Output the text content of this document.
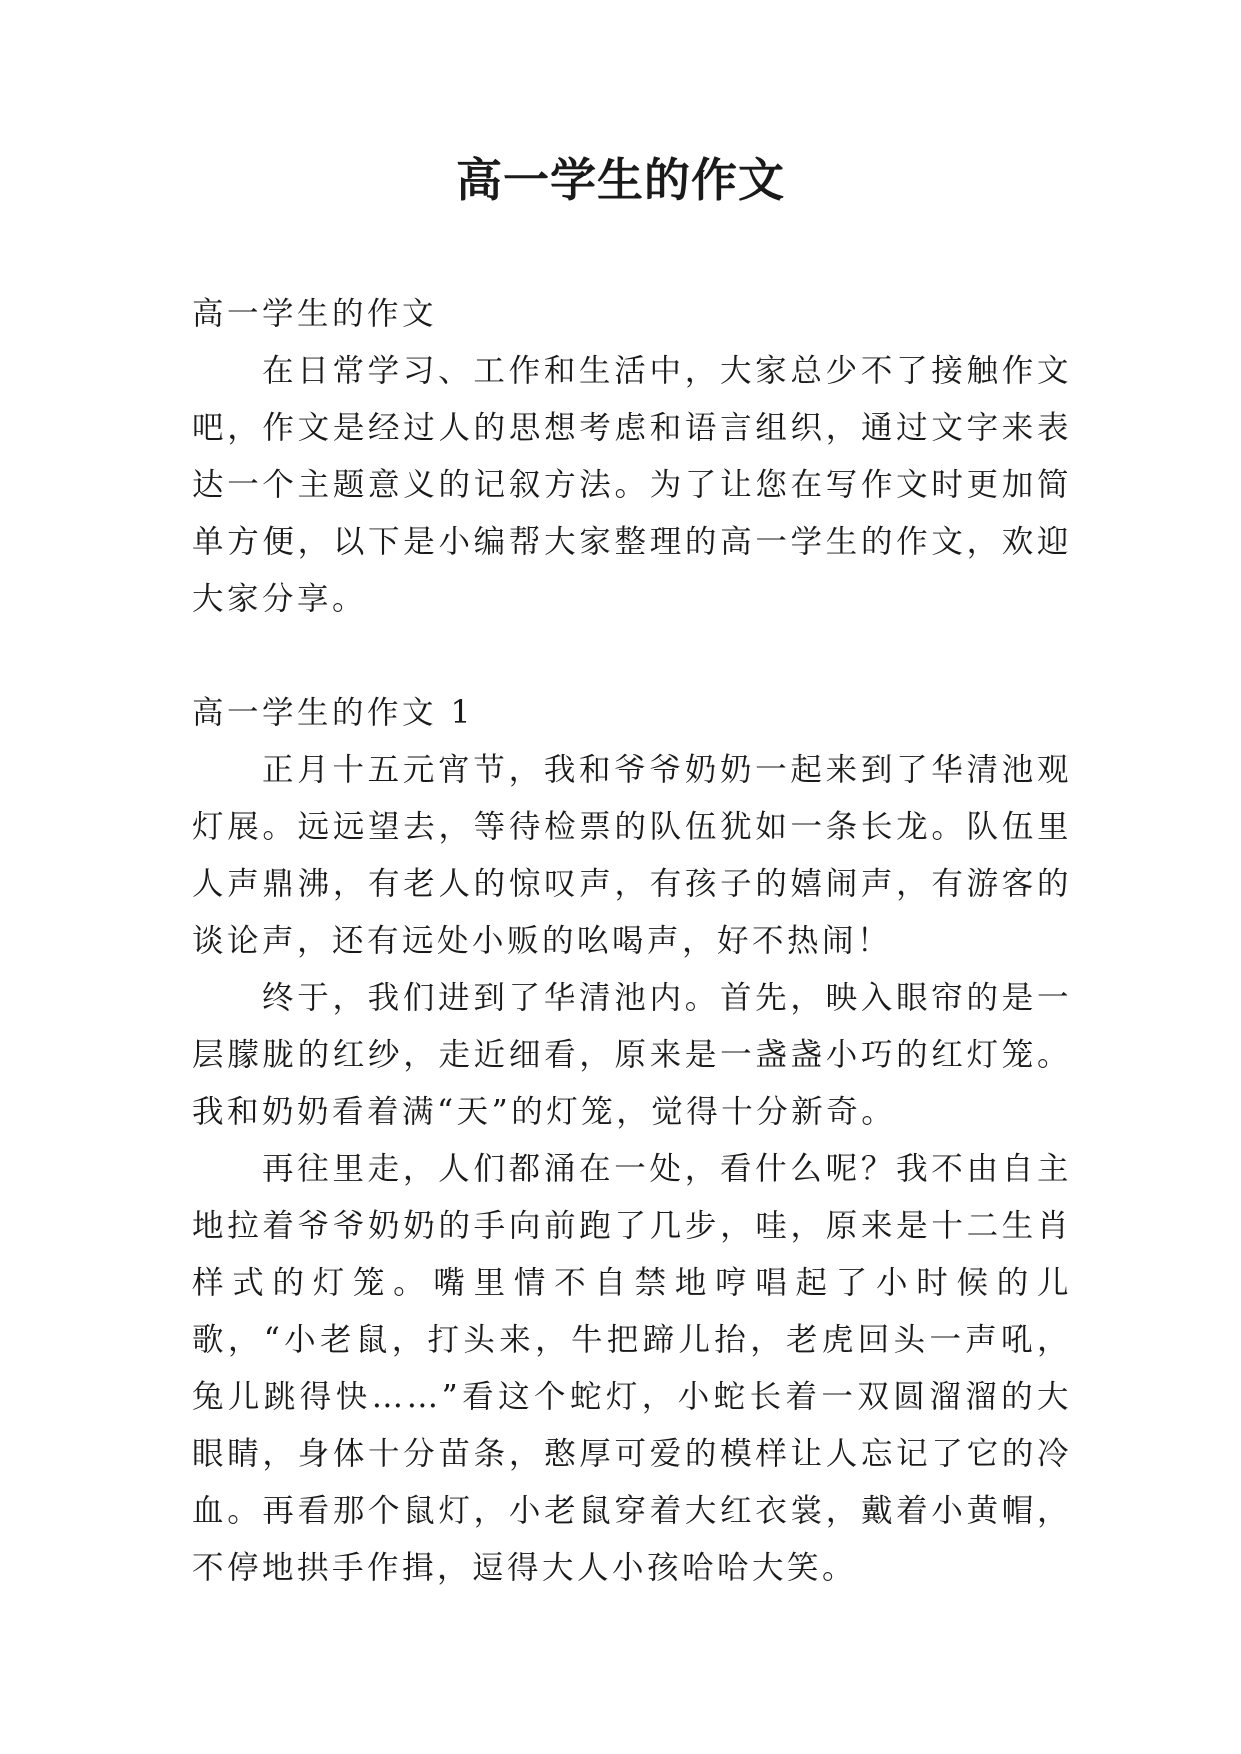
高一学生的作文

高一学生的作文

在日常学习、工作和生活中，大家总少不了接触作文吧，作文是经过人的思想考虑和语言组织，通过文字来表达一个主题意义的记叙方法。为了让您在写作文时更加简单方便，以下是小编帮大家整理的高一学生的作文，欢迎大家分享。

高一学生的作文 1

正月十五元宵节，我和爷爷奶奶一起来到了华清池观灯展。远远望去，等待检票的队伍犹如一条长龙。队伍里人声鼎沸，有老人的惊叹声，有孩子的嬉闹声，有游客的谈论声，还有远处小贩的吆喝声，好不热闹！

终于，我们进到了华清池内。首先，映入眼帘的是一层朦胧的红纱，走近细看，原来是一盏盏小巧的红灯笼。我和奶奶看着满“天”的灯笼，觉得十分新奇。

再往里走，人们都涌在一处，看什么呢？我不由自主地拉着爷爷奶奶的手向前跑了几步，哇，原来是十二生肖样式的灯笼。嘴里情不自禁地哼唱起了小时候的儿歌，“小老鼠，打头来，牛把蹄儿抬，老虎回头一声吼，兔儿跳得快……”看这个蛇灯，小蛇长着一双圆溜溜的大眼睛，身体十分苗条，憨厚可爱的模样让人忘记了它的冷血。再看那个鼠灯，小老鼠穿着大红衣裳，戴着小黄帽，不停地拱手作揖，逗得大人小孩哈哈大笑。
